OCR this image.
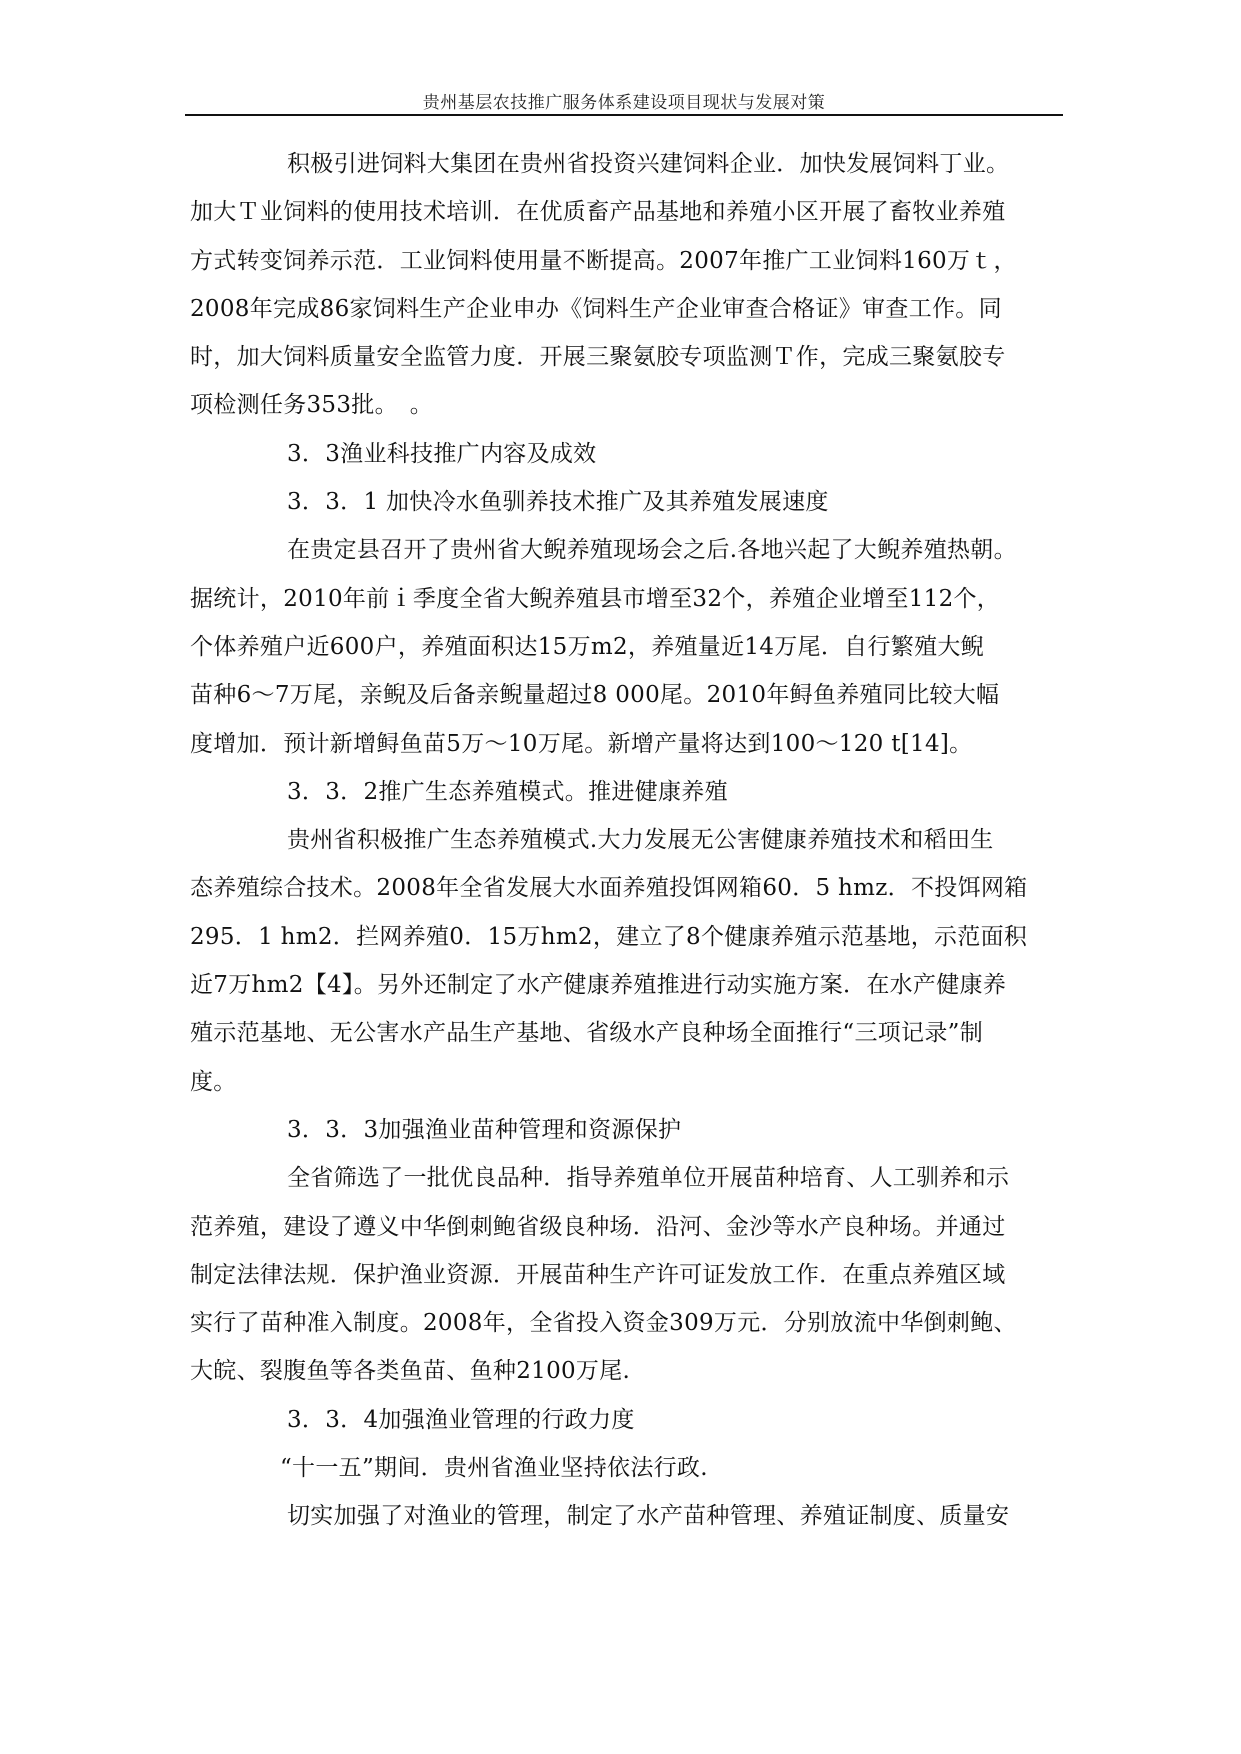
贵州基层农技推广服务体系建设项目现状与发展对策
积极引进饲料大集团在贵州省投资兴建饲料企业．加快发展饲料丁业。
加大Ｔ业饲料的使用技术培训．在优质畜产品基地和养殖小区开展了畜牧业养殖
方式转变饲养示范．工业饲料使用量不断提高。2007年推广工业饲料160万ｔ，
2008年完成86家饲料生产企业申办《饲料生产企业审查合格证》审查工作。同
时，加大饲料质量安全监管力度．开展三聚氨胶专项监测Ｔ作，完成三聚氨胶专
项检测任务353批。　。
3．3渔业科技推广内容及成效
3．3．1 加快冷水鱼驯养技术推广及其养殖发展速度
在贵定县召开了贵州省大鲵养殖现场会之后.各地兴起了大鲵养殖热朝。
据统计，2010年前ｉ季度全省大鲵养殖县市增至32个，养殖企业增至112个，
个体养殖户近600户，养殖面积达15万m2，养殖量近14万尾．自行繁殖大鲵
苗种6～7万尾，亲鲵及后备亲鲵量超过8 000尾。2010年鲟鱼养殖同比较大幅
度增加．预计新增鲟鱼苗5万～10万尾。新增产量将达到100～120 t[14]。
3．3．2推广生态养殖模式。推进健康养殖
贵州省积极推广生态养殖模式.大力发展无公害健康养殖技术和稻田生
态养殖综合技术。2008年全省发展大水面养殖投饵网箱60．5 hmz．不投饵网箱
295．1 hm2．拦网养殖0．15万hm2，建立了8个健康养殖示范基地，示范面积
近7万hm2【4】。另外还制定了水产健康养殖推进行动实施方案．在水产健康养
殖示范基地、无公害水产品生产基地、省级水产良种场全面推行“三项记录”制
度。
3．3．3加强渔业苗种管理和资源保护
全省筛选了一批优良品种．指导养殖单位开展苗种培育、人工驯养和示
范养殖，建设了遵义中华倒刺鲍省级良种场．沿河、金沙等水产良种场。并通过
制定法律法规．保护渔业资源．开展苗种生产许可证发放工作．在重点养殖区域
实行了苗种准入制度。2008年，全省投入资金309万元．分别放流中华倒刺鲍、
大皖、裂腹鱼等各类鱼苗、鱼种2100万尾.
3．3．4加强渔业管理的行政力度
“十一五”期间．贵州省渔业坚持依法行政.
切实加强了对渔业的管理，制定了水产苗种管理、养殖证制度、质量安
